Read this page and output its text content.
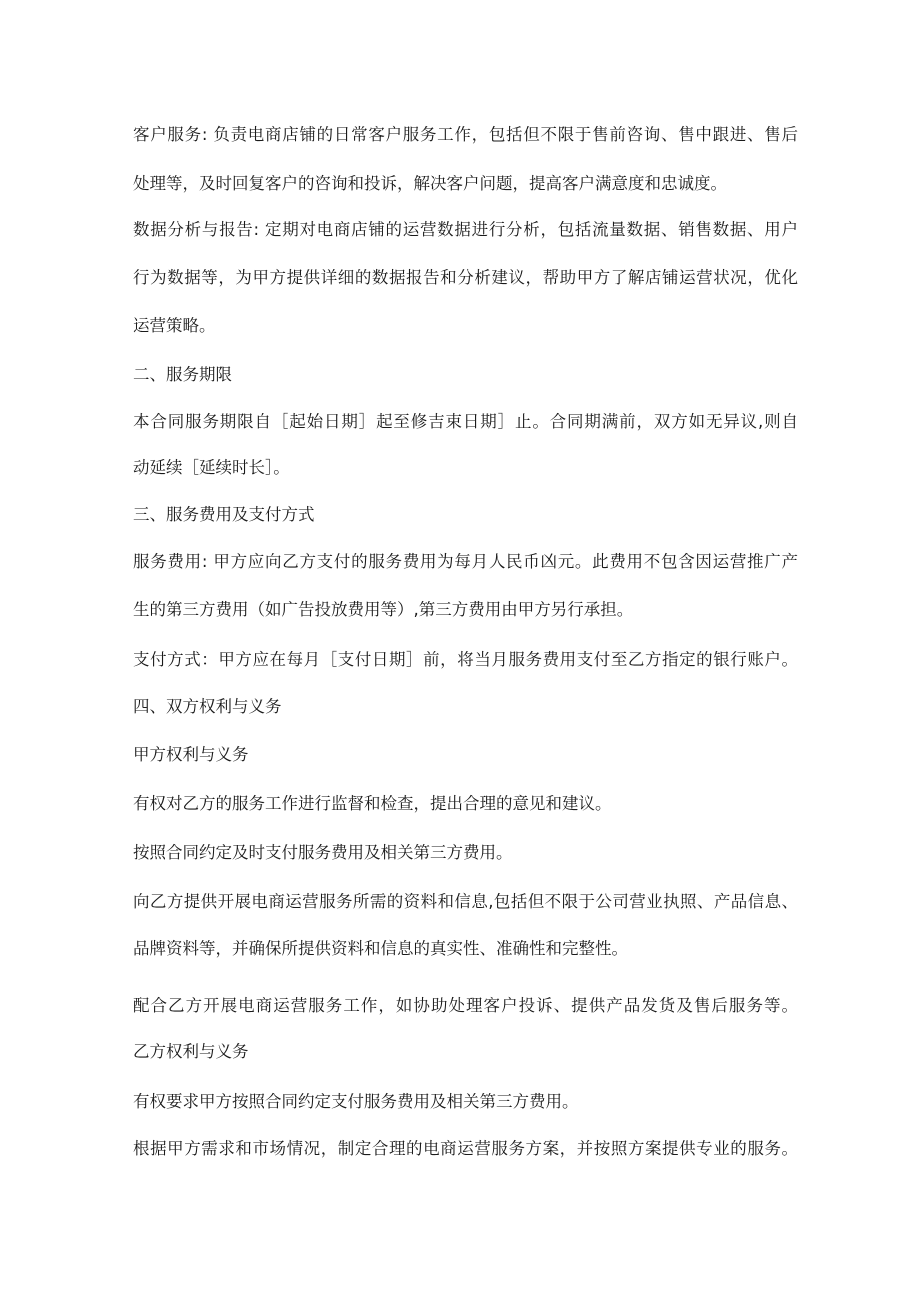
客户服务: 负责电商店铺的日常客户服务工作，包括但不限于售前咨询、售中跟进、售后
处理等，及时回复客户的咨询和投诉，解决客户问题，提高客户满意度和忠诚度。
数据分析与报告: 定期对电商店铺的运营数据进行分析，包括流量数据、销售数据、用户
行为数据等，为甲方提供详细的数据报告和分析建议，帮助甲方了解店铺运营状况，优化
运营策略。
二、服务期限
本合同服务期限自［起始日期］起至修吉束日期］止。合同期满前，双方如无异议,则自
动延续［延续时长］。
三、服务费用及支付方式
服务费用: 甲方应向乙方支付的服务费用为每月人民币凶元。此费用不包含因运营推广产
生的第三方费用（如广告投放费用等）,第三方费用由甲方另行承担。
支付方式：甲方应在每月［支付日期］前，将当月服务费用支付至乙方指定的银行账户。
四、双方权利与义务
甲方权利与义务
有权对乙方的服务工作进行监督和检查，提出合理的意见和建议。
按照合同约定及时支付服务费用及相关第三方费用。
向乙方提供开展电商运营服务所需的资料和信息,包括但不限于公司营业执照、产品信息、
品牌资料等，并确保所提供资料和信息的真实性、准确性和完整性。
配合乙方开展电商运营服务工作，如协助处理客户投诉、提供产品发货及售后服务等。
乙方权利与义务
有权要求甲方按照合同约定支付服务费用及相关第三方费用。
根据甲方需求和市场情况，制定合理的电商运营服务方案，并按照方案提供专业的服务。
